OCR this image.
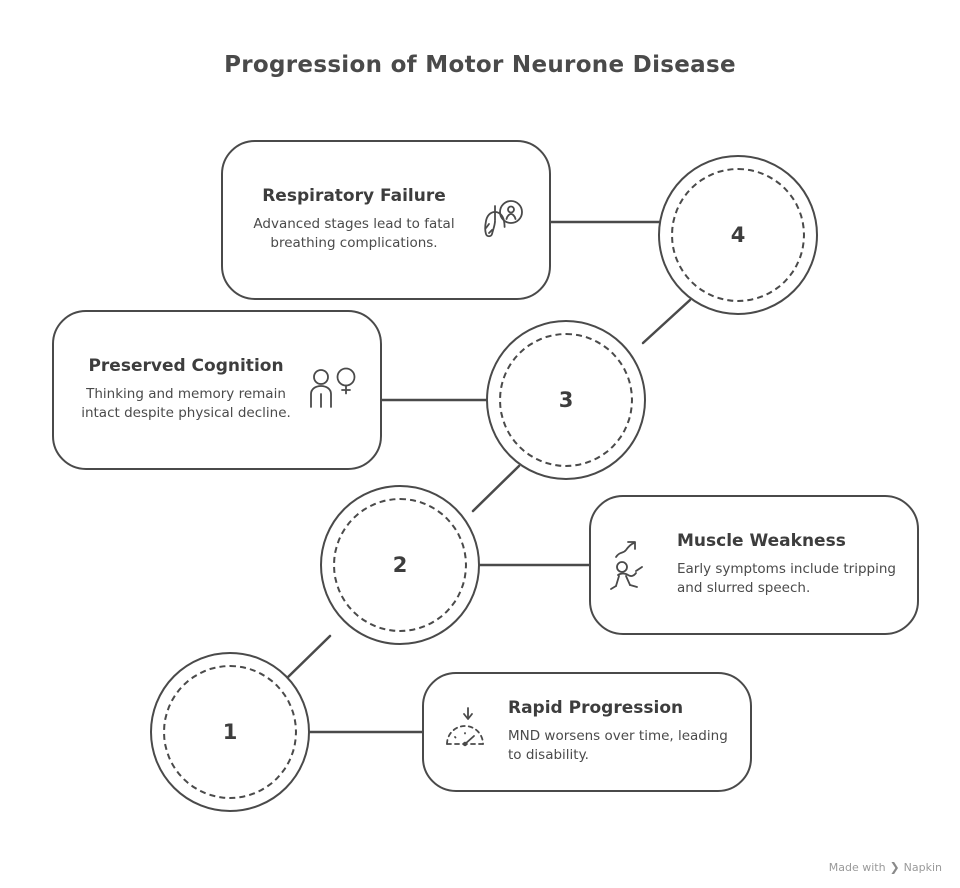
Progression of Motor Neurone Disease
Respiratory Failure
Advanced stages lead to fatal breathing complications.	4
Preserved Cognition
Thinking and memory remain intact despite physical decline.
3
Muscle Weakness
Early symptoms include tripping and slurred speech.
2
Rapid Progression
MND worsens over time, leading to disability.
1
Made with ❯ Napkin
